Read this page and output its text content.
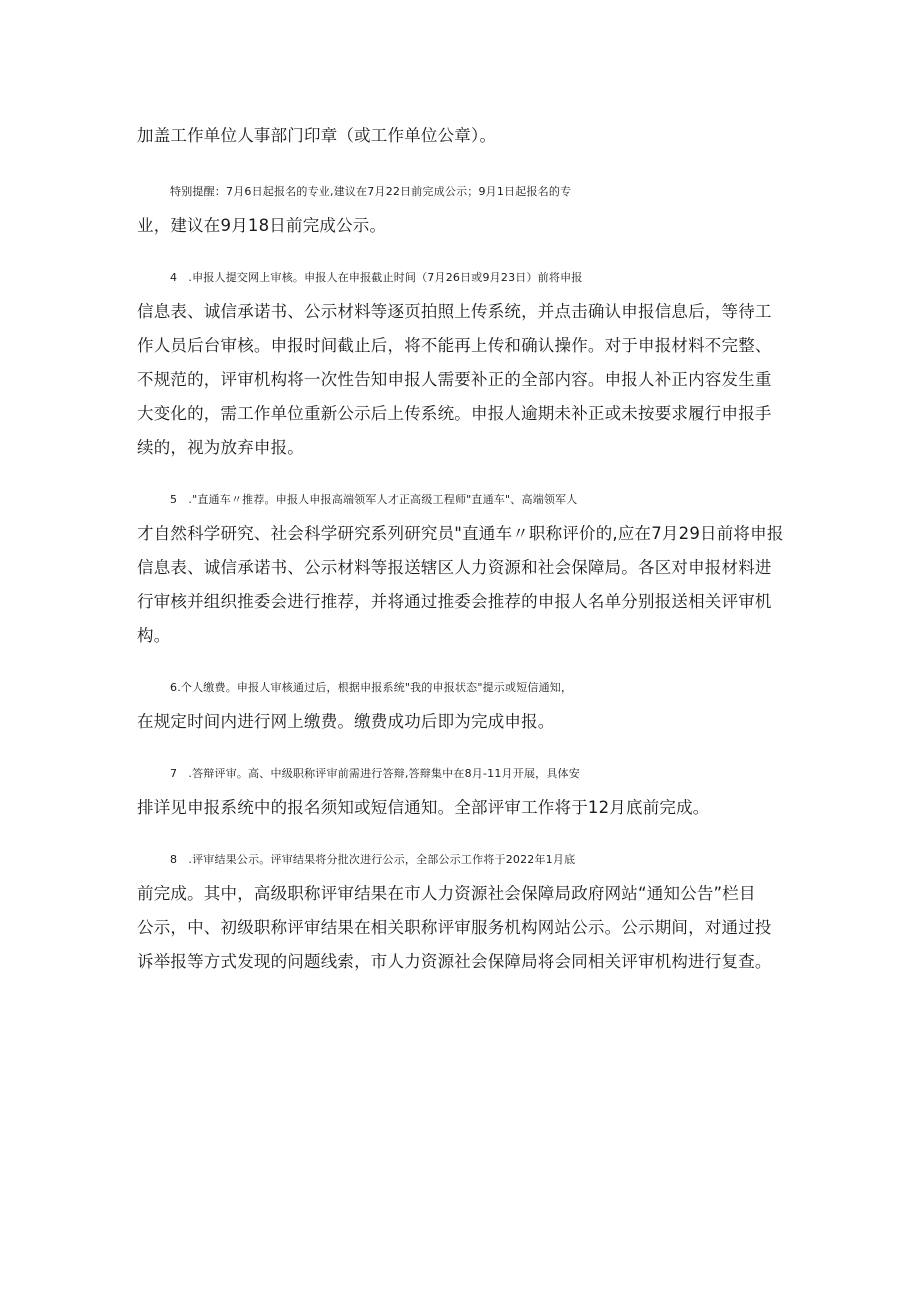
加盖工作单位人事部门印章（或工作单位公章）。

特别提醒：7月6日起报名的专业,建议在7月22日前完成公示；9月1日起报名的专
业，建议在9月18日前完成公示。

4　.申报人提交网上审核。申报人在申报截止时间（7月26日或9月23日）前将申报
信息表、诚信承诺书、公示材料等逐页拍照上传系统，并点击确认申报信息后，等待工
作人员后台审核。申报时间截止后，将不能再上传和确认操作。对于申报材料不完整、
不规范的，评审机构将一次性告知申报人需要补正的全部内容。申报人补正内容发生重
大变化的，需工作单位重新公示后上传系统。申报人逾期未补正或未按要求履行申报手
续的，视为放弃申报。

5　."直通车〃推荐。申报人申报高端领军人才正高级工程师"直通车"、高端领军人
才自然科学研究、社会科学研究系列研究员"直通车〃职称评价的,应在7月29日前将申报
信息表、诚信承诺书、公示材料等报送辖区人力资源和社会保障局。各区对申报材料进
行审核并组织推委会进行推荐，并将通过推委会推荐的申报人名单分别报送相关评审机
构。

6.个人缴费。申报人审核通过后，根据申报系统"我的申报状态"提示或短信通知，
在规定时间内进行网上缴费。缴费成功后即为完成申报。

7　.答辩评审。高、中级职称评审前需进行答辩,答辩集中在8月-11月开展，具体安
排详见申报系统中的报名须知或短信通知。全部评审工作将于12月底前完成。

8　.评审结果公示。评审结果将分批次进行公示，全部公示工作将于2022年1月底
前完成。其中，高级职称评审结果在市人力资源社会保障局政府网站“通知公告”栏目
公示，中、初级职称评审结果在相关职称评审服务机构网站公示。公示期间，对通过投
诉举报等方式发现的问题线索，市人力资源社会保障局将会同相关评审机构进行复查。
